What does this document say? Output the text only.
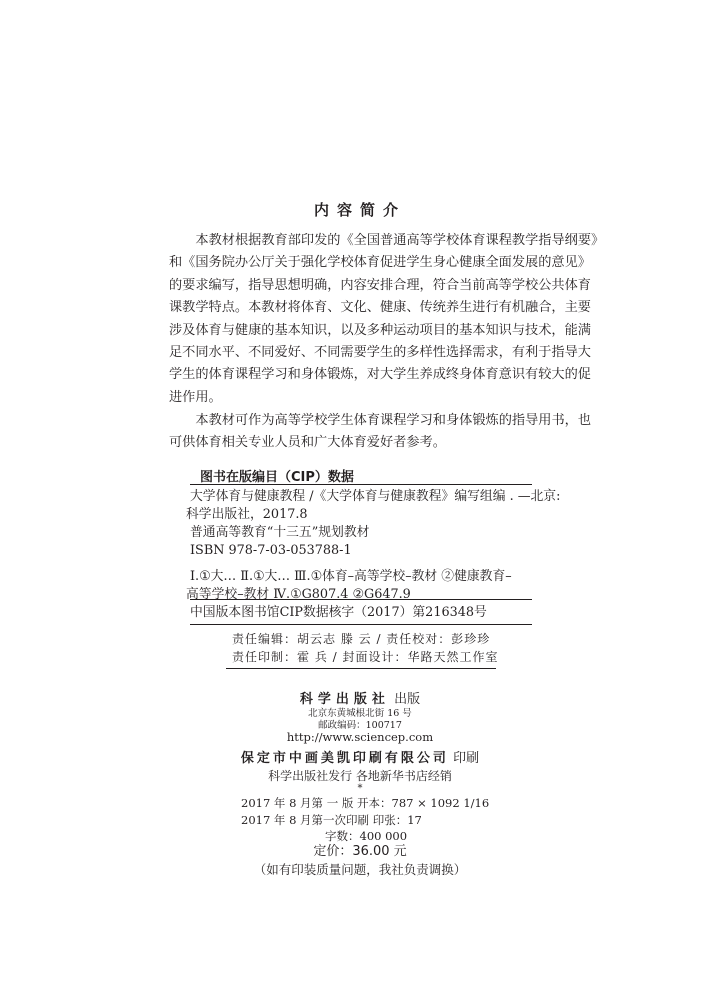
内容简介
本教材根据教育部印发的《全国普通高等学校体育课程教学指导纲要》
和《国务院办公厅关于强化学校体育促进学生身心健康全面发展的意见》
的要求编写，指导思想明确，内容安排合理，符合当前高等学校公共体育
课教学特点。本教材将体育、文化、健康、传统养生进行有机融合，主要
涉及体育与健康的基本知识，以及多种运动项目的基本知识与技术，能满
足不同水平、不同爱好、不同需要学生的多样性选择需求，有利于指导大
学生的体育课程学习和身体锻炼，对大学生养成终身体育意识有较大的促
进作用。
本教材可作为高等学校学生体育课程学习和身体锻炼的指导用书，也
可供体育相关专业人员和广大体育爱好者参考。
图书在版编目（CIP）数据
大学体育与健康教程 /《大学体育与健康教程》编写组编 . —北京:
科学出版社，2017.8
普通高等教育“十三五”规划教材
ISBN 978-7-03-053788-1
Ⅰ.①大… Ⅱ.①大… Ⅲ.①体育–高等学校–教材 ②健康教育–
高等学校–教材 Ⅳ.①G807.4 ②G647.9
中国版本图书馆CIP数据核字（2017）第216348号
责任编辑：胡云志 滕 云 / 责任校对：彭珍珍
责任印制：霍 兵 / 封面设计：华路天然工作室
科学出版社 出版
北京东黄城根北街 16 号
邮政编码：100717
http://www.sciencep.com
保定市中画美凯印刷有限公司 印刷
科学出版社发行 各地新华书店经销
*
2017 年 8 月第 一 版 开本：787 × 1092 1/16
2017 年 8 月第一次印刷 印张：17
字数：400 000
定价：36.00 元
（如有印装质量问题，我社负责调换）
